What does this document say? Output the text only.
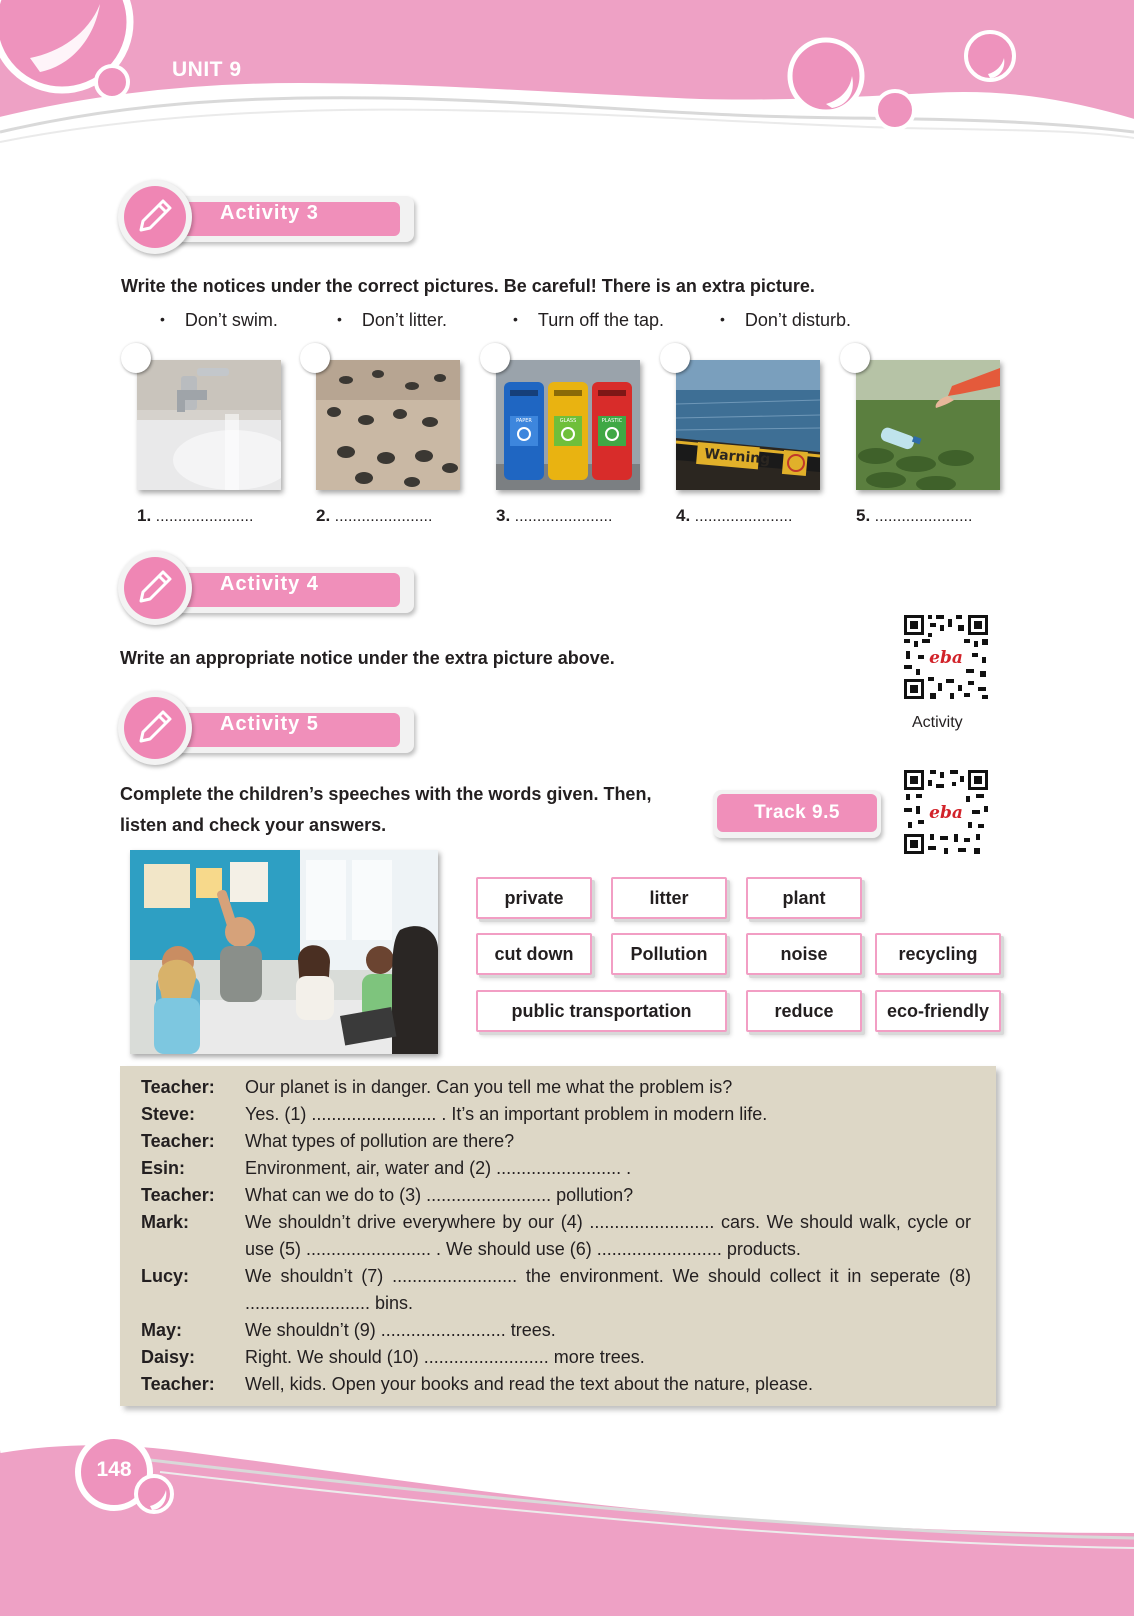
UNIT 9
Activity 3
Write the notices under the correct pictures. Be careful! There is an extra picture.
• Don’t swim.	• Don’t litter.	• Turn off the tap.	• Don’t disturb.
PAPER	GLASS	PLASTIC
Warning
1. ......................	2. ......................	3. ......................	4. ......................	5. ......................
Activity 4
Write an appropriate notice under the extra picture above.	eba
Activity
Activity 5
Complete the children’s speeches with the words given. Then,
listen and check your answers.
Track 9.5	eba
private	litter	plant
cut down	Pollution	noise	recycling
public transportation	reduce	eco-friendly
Teacher:	Our planet is in danger. Can you tell me what the problem is?
Steve:	Yes. (1) ......................... . It’s an important problem in modern life.
Teacher:	What types of pollution are there?
Esin:	Environment, air, water and (2) ......................... .
Teacher:	What can we do to (3) ......................... pollution?
Mark:	We shouldn’t drive everywhere by our (4) ......................... cars. We should walk, cycle or use (5) ......................... . We should use (6) ......................... products.
Lucy:	We shouldn’t (7) ......................... the environment. We should collect it in seperate (8) ......................... bins.
May:	We shouldn’t (9) ......................... trees.
Daisy:	Right. We should (10) ......................... more trees.
Teacher:	Well, kids. Open your books and read the text about the nature, please.
148
